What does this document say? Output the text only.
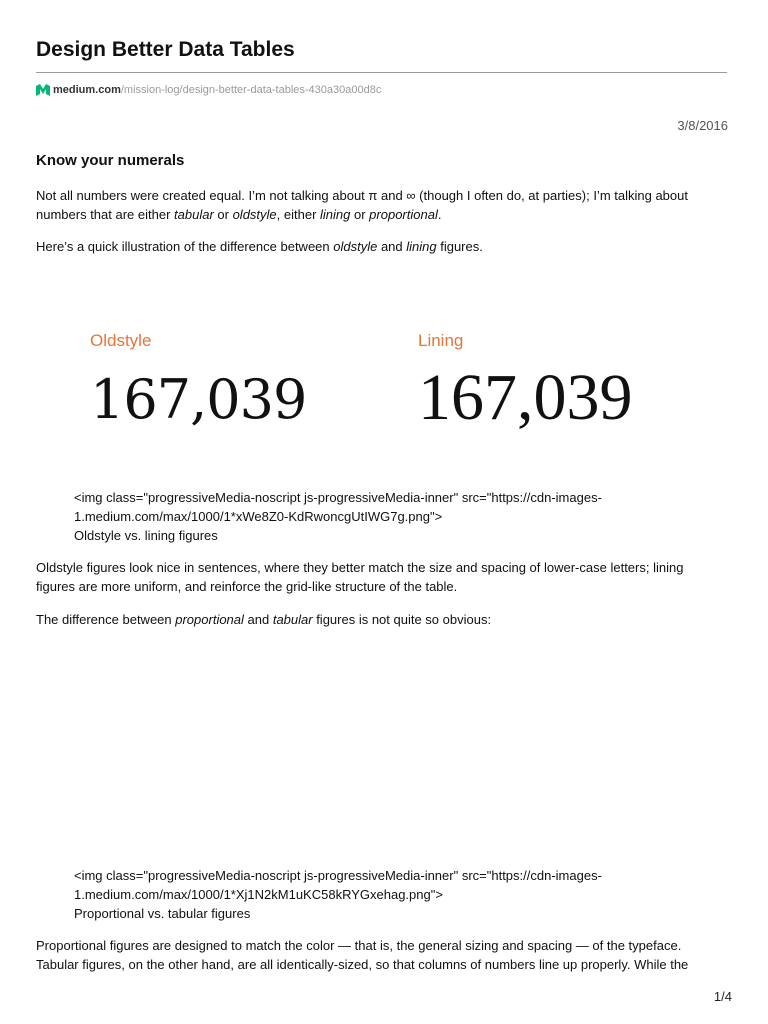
Design Better Data Tables
medium.com /mission-log/design-better-data-tables-430a30a00d8c
3/8/2016
Know your numerals

Not all numbers were created equal. I’m not talking about π and ∞ (though I often do, at parties); I’m talking about
numbers that are either tabular or oldstyle, either lining or proportional.

Here’s a quick illustration of the difference between oldstyle and lining figures.

Oldstyle	Lining
167,039 167,039

<img class="progressiveMedia-noscript js-progressiveMedia-inner" src="https://cdn-images-
1.medium.com/max/1000/1*xWe8Z0-KdRwoncgUtIWG7g.png">
Oldstyle vs. lining figures

Oldstyle figures look nice in sentences, where they better match the size and spacing of lower-case letters; lining
figures are more uniform, and reinforce the grid-like structure of the table.

The difference between proportional and tabular figures is not quite so obvious:

<img class="progressiveMedia-noscript js-progressiveMedia-inner" src="https://cdn-images-
1.medium.com/max/1000/1*Xj1N2kM1uKC58kRYGxehag.png">
Proportional vs. tabular figures

Proportional figures are designed to match the color — that is, the general sizing and spacing — of the typeface.
Tabular figures, on the other hand, are all identically-sized, so that columns of numbers line up properly. While the

1/4
